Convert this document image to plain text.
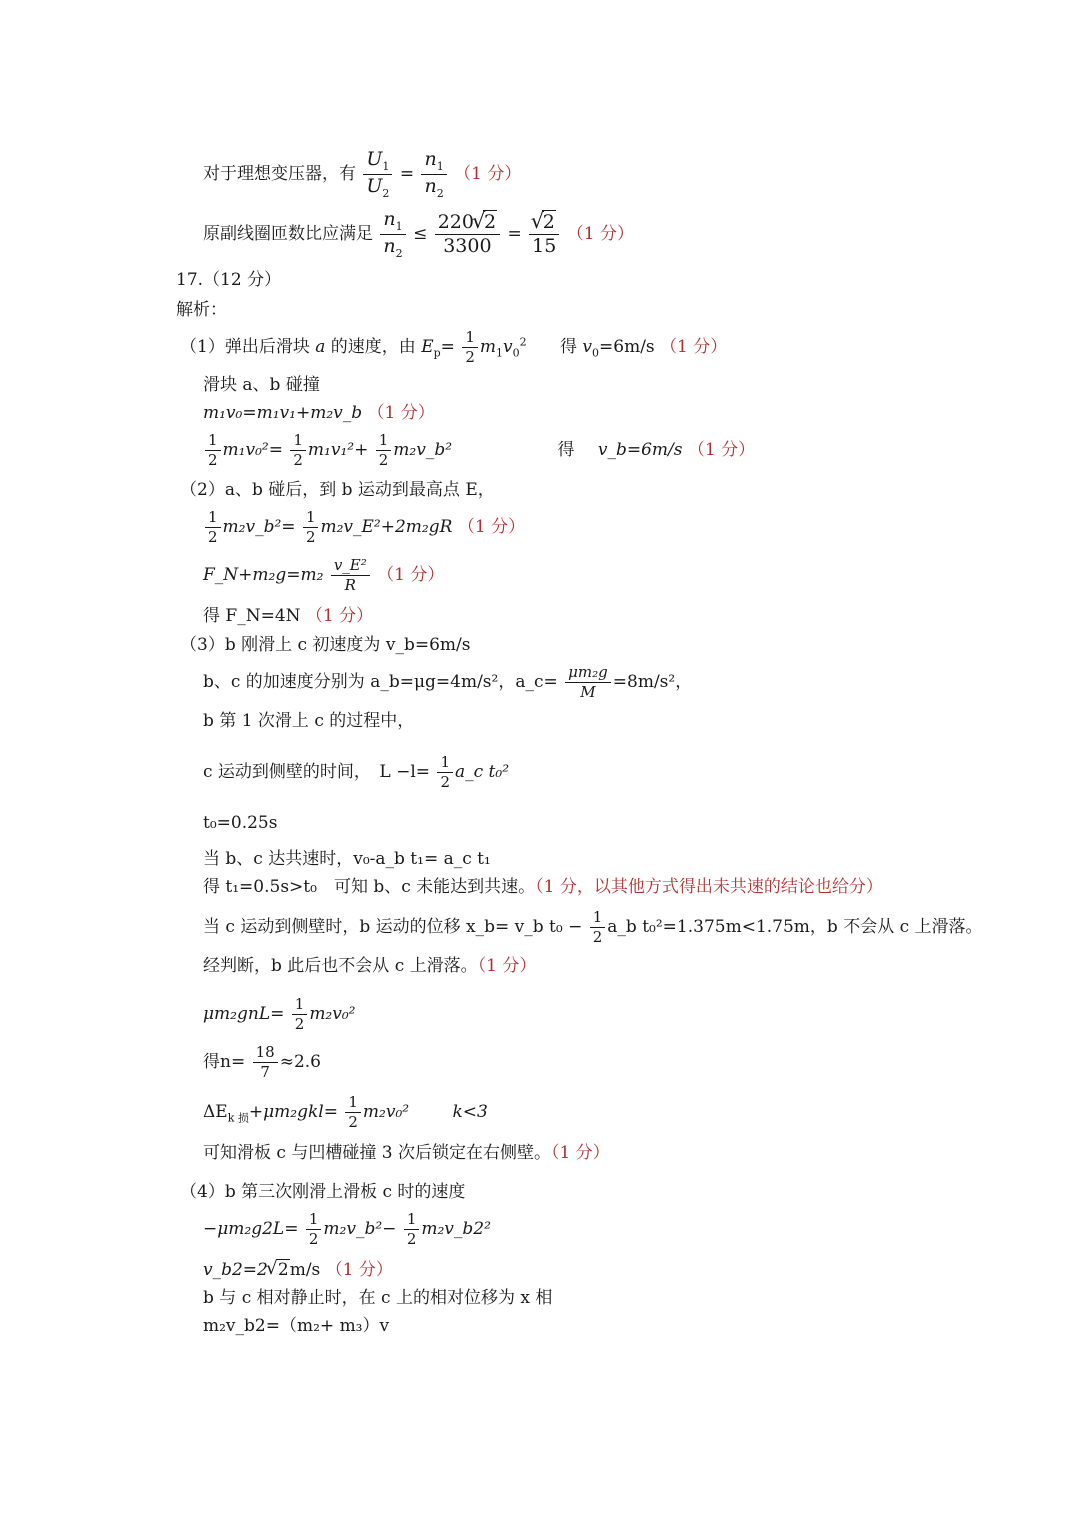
对于理想变压器，有 $\frac{U_1}{U_2} = \frac{n_1}{n_2} (1$ 分）
原副线圈匝数比应满足 $\frac{n_1}{n_2} \le \frac{220 √ 2}{3300}$ = √ $\frac{2}{15} (1$ 分）
17.（12 分）
解析：
（1）弹出后滑块 a 的速度，由 $E_p= \frac{1}{2} m_1v_0^2$ 得 $v_0=6m/s$ （1 分）
滑块 a、b 碰撞
m₁v₀=m₁v₁+m₂v_b （1 分）
$\frac{1}{2} m_1v_0^2= \frac{1}{2} m_1v_1^2+ \frac{1}{2}$ m₂v_b²	得 v_b=6m/s （1 分）
（2）a、b 碰后，到 b 运动到最高点 E，
$\frac{1}{2}$ m₂v_b²= $\frac{1}{2}$ m₂v_E²+2m₂gR （1 分）
F_N+m₂g=m₂ $\frac{\text{v\_E²}}{R} (1$ 分）
得 F_N=4N （1 分）
（3）b 刚滑上 c 初速度为 v_b=6m/s
b、c 的加速度分别为 a_b=μg=4m/s²，a_c= $\frac{\text{μm₂g}}{M} =8m/s^2$，
b 第 1 次滑上 c 的过程中，
c 运动到侧壁的时间，　$L -l= \frac{1}{2}$ a_c t₀²
t₀=0.25s
当 b、c 达共速时，v₀-a_b t₁= a_c t₁
得 t₁=0.5s>t₀　可知 b、c 未能达到共速。（1 分，以其他方式得出未共速的结论也给分）
当 c 运动到侧壁时，b 运动的位移 x_b= v_b $t_0 - \frac{1}{2}$ a_b t₀²=1.375m<1.75m，b 不会从 c 上滑落。
经判断，b 此后也不会从 c 上滑落。（1 分）
$\mu m_2gnL= \frac{1}{2} m_2v_0^2$
得$n= \frac{18}{7} \approx 2.6$
$\Delta E_{k 损}+\mu m_2gkl= \frac{1}{2} m_2v_0^2$	k<3
可知滑板 c 与凹槽碰撞 3 次后锁定在右侧壁。（1 分）
（4）b 第三次刚滑上滑板 c 时的速度
$-\mu m_2g2L= \frac{1}{2}$ m₂v_b²− $\frac{1}{2}$ m₂v_b2²
v_b2=2 √ 2m/s （1 分）
b 与 c 相对静止时，在 c 上的相对位移为 x 相
m₂v_b2=（m₂+ m₃）v
